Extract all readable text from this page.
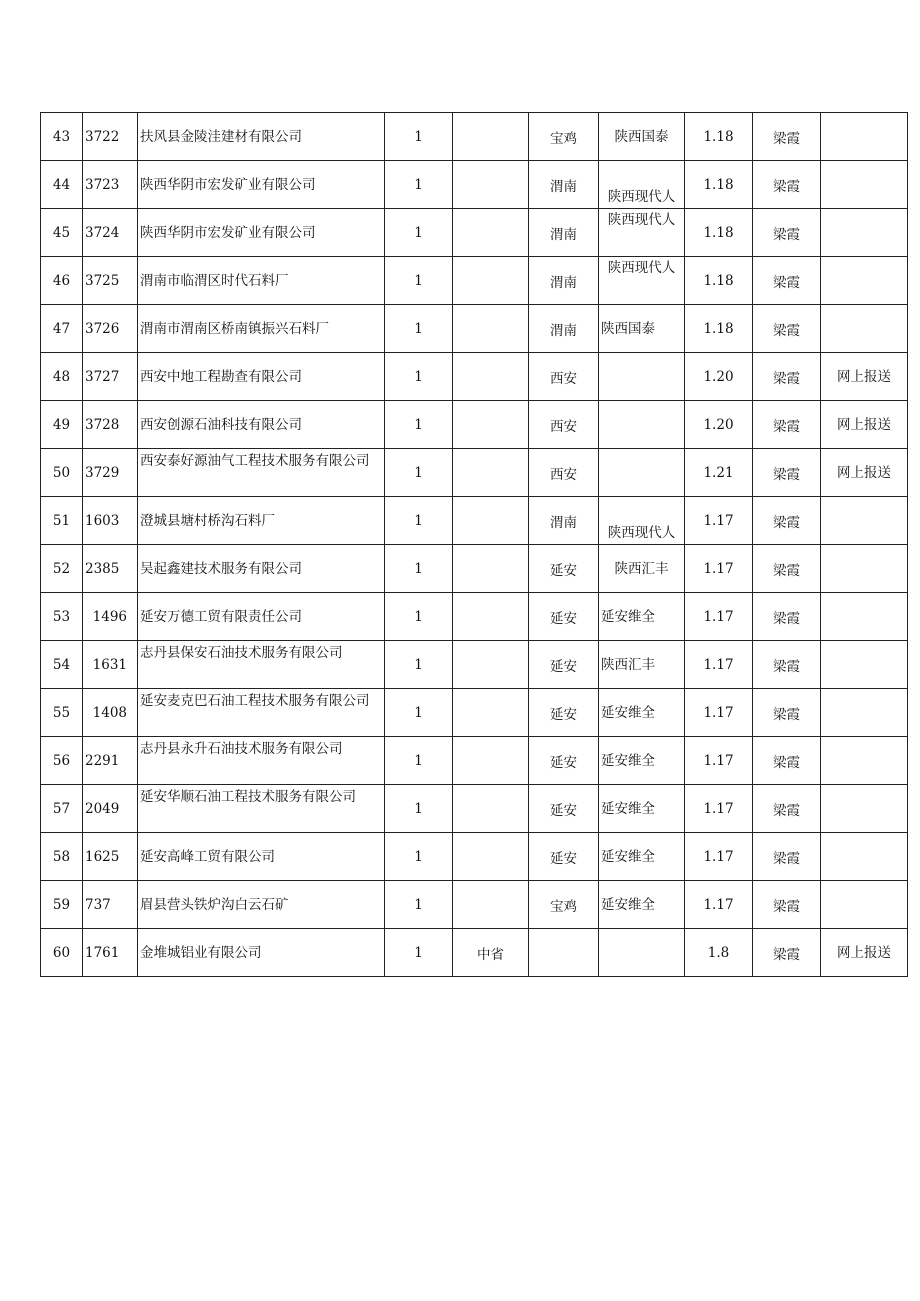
43	3722	扶风县金陵洼建材有限公司	1		宝鸡	陕西国泰	1.18	梁霞	
44	3723	陕西华阴市宏发矿业有限公司	1		渭南	陕西现代人	1.18	梁霞	
45	3724	陕西华阴市宏发矿业有限公司	1		渭南	陕西现代人	1.18	梁霞	
46	3725	渭南市临渭区时代石料厂	1		渭南	陕西现代人	1.18	梁霞	
47	3726	渭南市渭南区桥南镇振兴石料厂	1		渭南	陕西国泰	1.18	梁霞	
48	3727	西安中地工程勘查有限公司	1		西安		1.20	梁霞	网上报送
49	3728	西安创源石油科技有限公司	1		西安		1.20	梁霞	网上报送
50	3729	西安泰好源油气工程技术服务有限公司	1		西安		1.21	梁霞	网上报送
51	1603	澄城县塘村桥沟石料厂	1		渭南	陕西现代人	1.17	梁霞	
52	2385	吴起鑫建技术服务有限公司	1		延安	陕西汇丰	1.17	梁霞	
53	1496	延安万德工贸有限责任公司	1		延安	延安维全	1.17	梁霞	
54	1631	志丹县保安石油技术服务有限公司	1		延安	陕西汇丰	1.17	梁霞	
55	1408	延安麦克巴石油工程技术服务有限公司	1		延安	延安维全	1.17	梁霞	
56	2291	志丹县永升石油技术服务有限公司	1		延安	延安维全	1.17	梁霞	
57	2049	延安华顺石油工程技术服务有限公司	1		延安	延安维全	1.17	梁霞	
58	1625	延安高峰工贸有限公司	1		延安	延安维全	1.17	梁霞	
59	737	眉县营头铁炉沟白云石矿	1		宝鸡	延安维全	1.17	梁霞	
60	1761	金堆城铝业有限公司	1	中省			1.8	梁霞	网上报送
